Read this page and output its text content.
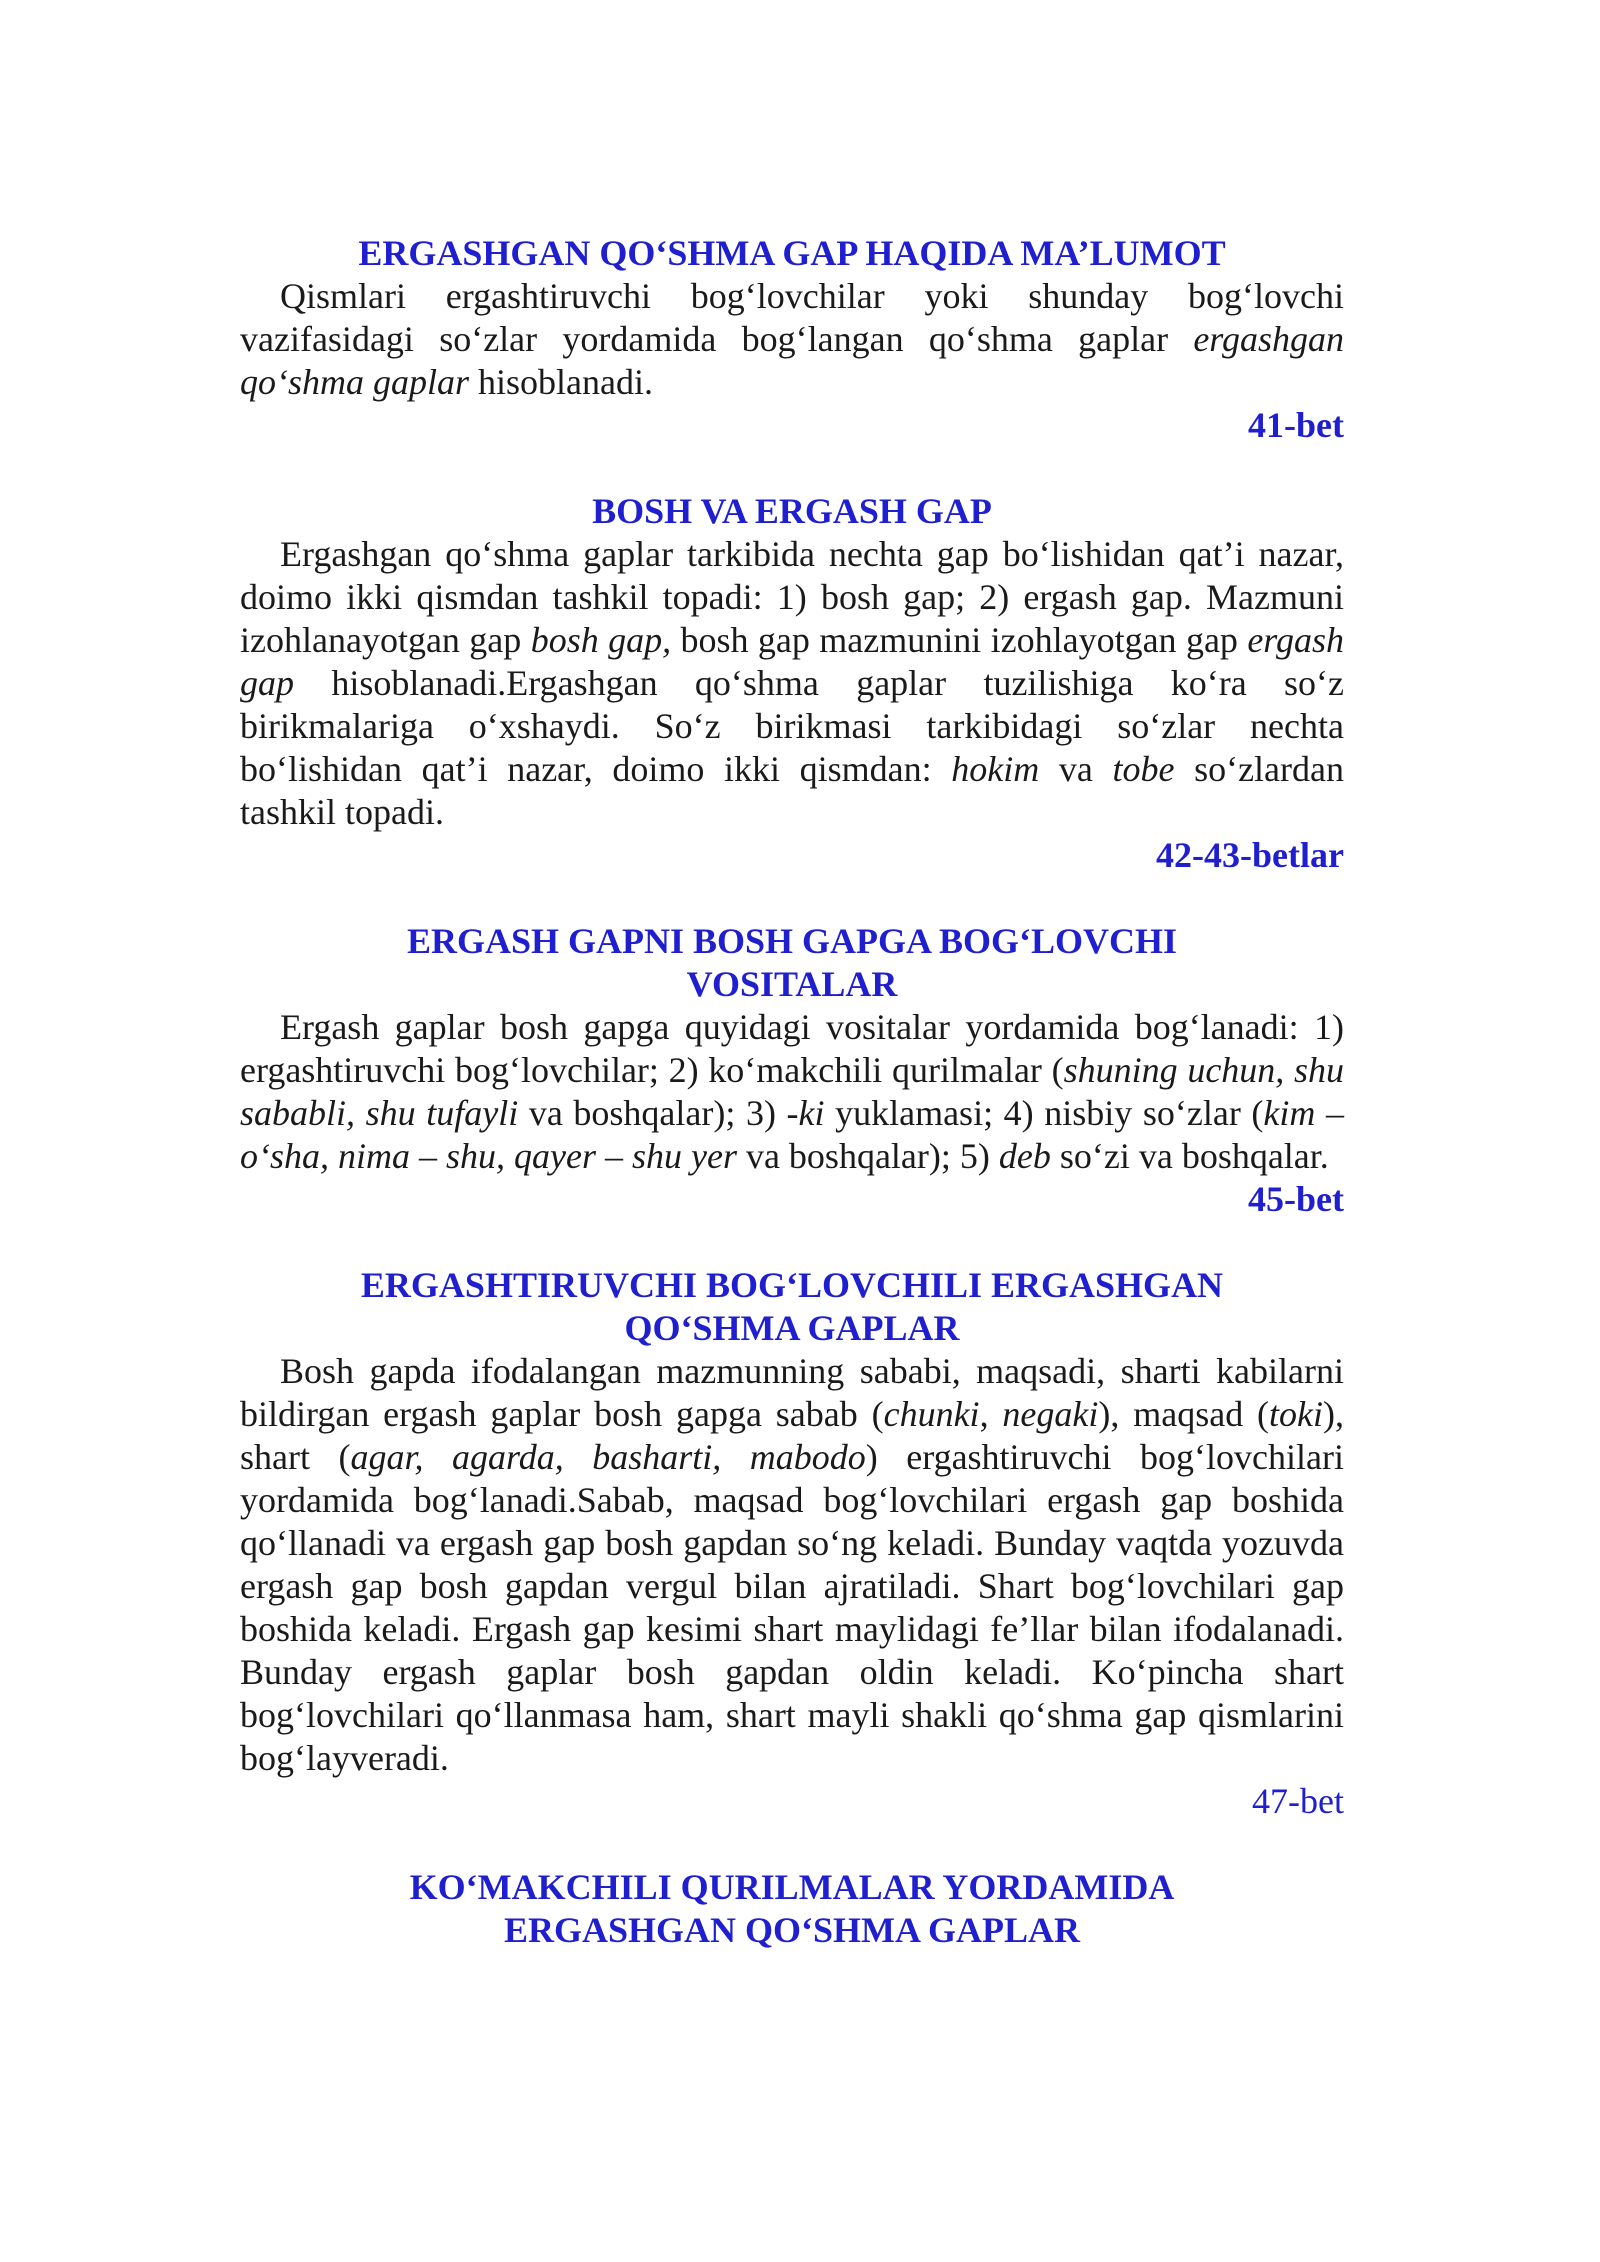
ERGASHGAN QO‘SHMA GAP HAQIDA MA’LUMOT

Qismlari ergashtiruvchi bog‘lovchilar yoki shunday bog‘lovchi vazifasidagi so‘zlar yordamida bog‘langan qo‘shma gaplar ergashgan qo‘shma gaplar hisoblanadi.

41-bet

BOSH VA ERGASH GAP

Ergashgan qo‘shma gaplar tarkibida nechta gap bo‘lishidan qat’i nazar, doimo ikki qismdan tashkil topadi: 1) bosh gap; 2) ergash gap. Mazmuni izohlanayotgan gap bosh gap, bosh gap mazmunini izohlayotgan gap ergash gap hisoblanadi.Ergashgan qo‘shma gaplar tuzilishiga ko‘ra so‘z birikmalariga o‘xshaydi. So‘z birikmasi tarkibidagi so‘zlar nechta bo‘lishidan qat’i nazar, doimo ikki qismdan: hokim va tobe so‘zlardan tashkil topadi.

42-43-betlar

ERGASH GAPNI BOSH GAPGA BOG‘LOVCHI
VOSITALAR

Ergash gaplar bosh gapga quyidagi vositalar yordamida bog‘lanadi: 1) ergashtiruvchi bog‘lovchilar; 2) ko‘makchili qurilmalar (shuning uchun, shu sababli, shu tufayli va boshqalar); 3) -ki yuklamasi; 4) nisbiy so‘zlar (kim – o‘sha, nima – shu, qayer – shu yer va boshqalar); 5) deb so‘zi va boshqalar.

45-bet

ERGASHTIRUVCHI BOG‘LOVCHILI ERGASHGAN
QO‘SHMA GAPLAR

Bosh gapda ifodalangan mazmunning sababi, maqsadi, sharti kabilarni bildirgan ergash gaplar bosh gapga sabab (chunki, negaki), maqsad (toki), shart (agar, agarda, basharti, mabodo) ergashtiruvchi bog‘lovchilari yordamida bog‘lanadi.Sabab, maqsad bog‘lovchilari ergash gap boshida qo‘llanadi va ergash gap bosh gapdan so‘ng keladi. Bunday vaqtda yozuvda ergash gap bosh gapdan vergul bilan ajratiladi. Shart bog‘lovchilari gap boshida keladi. Ergash gap kesimi shart maylidagi fe’llar bilan ifodalanadi. Bunday ergash gaplar bosh gapdan oldin keladi. Ko‘pincha shart bog‘lovchilari qo‘llanmasa ham, shart mayli shakli qo‘shma gap qismlarini bog‘layveradi.

47-bet

KO‘MAKCHILI QURILMALAR YORDAMIDA
ERGASHGAN QO‘SHMA GAPLAR
